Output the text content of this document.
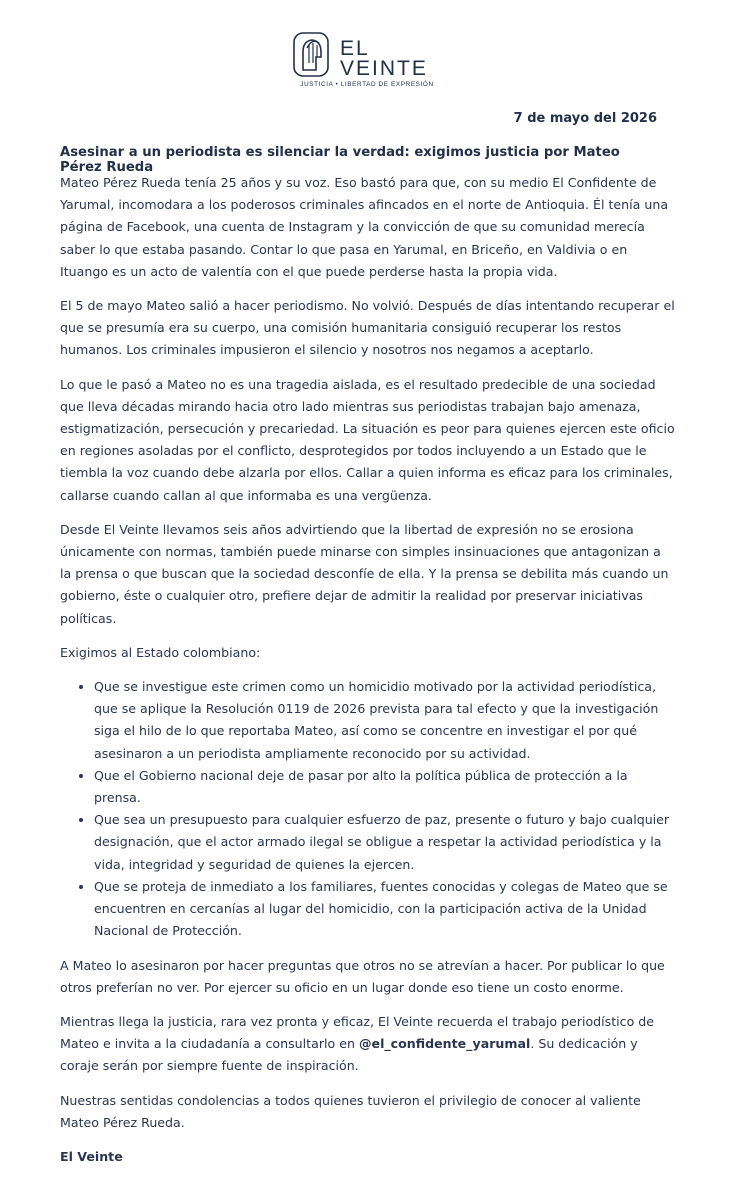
EL
VEINTE
JUSTICIA • LIBERTAD DE EXPRESIÓN
7 de mayo del 2026
Asesinar a un periodista es silenciar la verdad: exigimos justicia por Mateo Pérez Rueda

Mateo Pérez Rueda tenía 25 años y su voz. Eso bastó para que, con su medio El Confidente de Yarumal, incomodara a los poderosos criminales afincados en el norte de Antioquia. Él tenía una página de Facebook, una cuenta de Instagram y la convicción de que su comunidad merecía saber lo que estaba pasando. Contar lo que pasa en Yarumal, en Briceño, en Valdivia o en Ituango es un acto de valentía con el que puede perderse hasta la propia vida.

El 5 de mayo Mateo salió a hacer periodismo. No volvió. Después de días intentando recuperar el que se presumía era su cuerpo, una comisión humanitaria consiguió recuperar los restos humanos. Los criminales impusieron el silencio y nosotros nos negamos a aceptarlo.

Lo que le pasó a Mateo no es una tragedia aislada, es el resultado predecible de una sociedad que lleva décadas mirando hacia otro lado mientras sus periodistas trabajan bajo amenaza, estigmatización, persecución y precariedad. La situación es peor para quienes ejercen este oficio en regiones asoladas por el conflicto, desprotegidos por todos incluyendo a un Estado que le tiembla la voz cuando debe alzarla por ellos. Callar a quien informa es eficaz para los criminales, callarse cuando callan al que informaba es una vergüenza.

Desde El Veinte llevamos seis años advirtiendo que la libertad de expresión no se erosiona únicamente con normas, también puede minarse con simples insinuaciones que antagonizan a la prensa o que buscan que la sociedad desconfíe de ella. Y la prensa se debilita más cuando un gobierno, éste o cualquier otro, prefiere dejar de admitir la realidad por preservar iniciativas políticas.

Exigimos al Estado colombiano:

• Que se investigue este crimen como un homicidio motivado por la actividad periodística, que se aplique la Resolución 0119 de 2026 prevista para tal efecto y que la investigación siga el hilo de lo que reportaba Mateo, así como se concentre en investigar el por qué asesinaron a un periodista ampliamente reconocido por su actividad.
• Que el Gobierno nacional deje de pasar por alto la política pública de protección a la prensa.
• Que sea un presupuesto para cualquier esfuerzo de paz, presente o futuro y bajo cualquier designación, que el actor armado ilegal se obligue a respetar la actividad periodística y la vida, integridad y seguridad de quienes la ejercen.
• Que se proteja de inmediato a los familiares, fuentes conocidas y colegas de Mateo que se encuentren en cercanías al lugar del homicidio, con la participación activa de la Unidad Nacional de Protección.

A Mateo lo asesinaron por hacer preguntas que otros no se atrevían a hacer. Por publicar lo que otros preferían no ver. Por ejercer su oficio en un lugar donde eso tiene un costo enorme.

Mientras llega la justicia, rara vez pronta y eficaz, El Veinte recuerda el trabajo periodístico de Mateo e invita a la ciudadanía a consultarlo en @el_confidente_yarumal. Su dedicación y coraje serán por siempre fuente de inspiración.

Nuestras sentidas condolencias a todos quienes tuvieron el privilegio de conocer al valiente Mateo Pérez Rueda.

El Veinte
